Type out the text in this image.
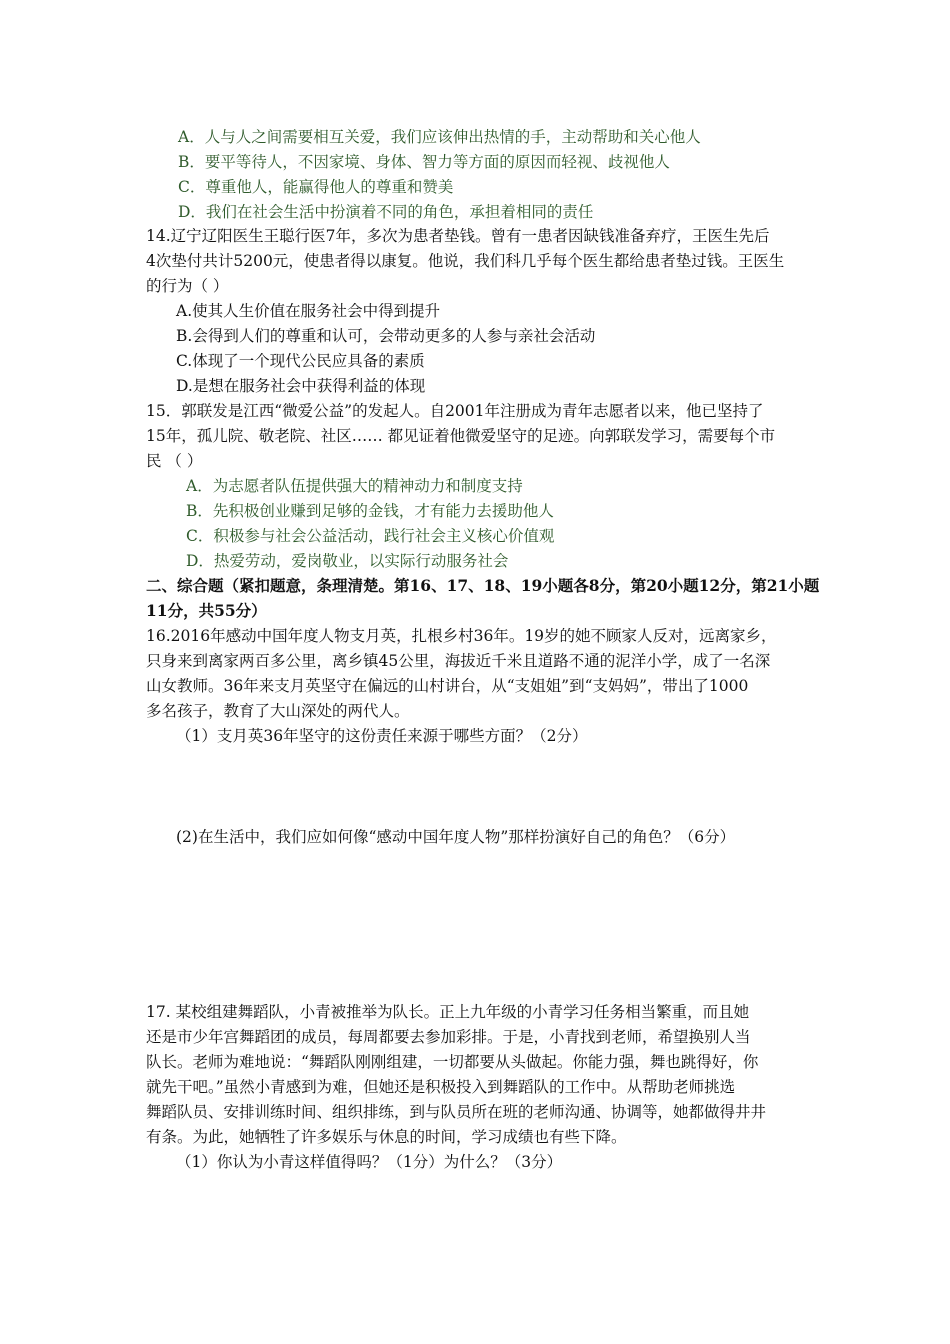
A．人与人之间需要相互关爱，我们应该伸出热情的手，主动帮助和关心他人
B．要平等待人，不因家境、身体、智力等方面的原因而轻视、歧视他人
C．尊重他人，能赢得他人的尊重和赞美
D．我们在社会生活中扮演着不同的角色，承担着相同的责任
14.辽宁辽阳医生王聪行医7年，多次为患者垫钱。曾有一患者因缺钱准备弃疗，王医生先后
4次垫付共计5200元，使患者得以康复。他说，我们科几乎每个医生都给患者垫过钱。王医生
的行为（ ）
A.使其人生价值在服务社会中得到提升
B.会得到人们的尊重和认可，会带动更多的人参与亲社会活动
C.体现了一个现代公民应具备的素质
D.是想在服务社会中获得利益的体现
15．郭联发是江西“微爱公益”的发起人。自2001年注册成为青年志愿者以来，他已坚持了
15年，孤儿院、敬老院、社区…… 都见证着他微爱坚守的足迹。向郭联发学习，需要每个市
民 （ ）
A．为志愿者队伍提供强大的精神动力和制度支持
B．先积极创业赚到足够的金钱，才有能力去援助他人
C．积极参与社会公益活动，践行社会主义核心价值观
D．热爱劳动，爱岗敬业，以实际行动服务社会
二、综合题（紧扣题意，条理清楚。第16、17、18、19小题各8分，第20小题12分，第21小题
11分，共55分）
16.2016年感动中国年度人物支月英，扎根乡村36年。19岁的她不顾家人反对，远离家乡，
只身来到离家两百多公里，离乡镇45公里，海拔近千米且道路不通的泥洋小学，成了一名深
山女教师。36年来支月英坚守在偏远的山村讲台，从“支姐姐”到“支妈妈”，带出了1000
多名孩子，教育了大山深处的两代人。
（1）支月英36年坚守的这份责任来源于哪些方面？（2分）
(2)在生活中，我们应如何像“感动中国年度人物”那样扮演好自己的角色？（6分）
17. 某校组建舞蹈队，小青被推举为队长。正上九年级的小青学习任务相当繁重，而且她
还是市少年宫舞蹈团的成员，每周都要去参加彩排。于是，小青找到老师，希望换别人当
队长。老师为难地说：“舞蹈队刚刚组建，一切都要从头做起。你能力强，舞也跳得好，你
就先干吧。”虽然小青感到为难，但她还是积极投入到舞蹈队的工作中。从帮助老师挑选
舞蹈队员、安排训练时间、组织排练，到与队员所在班的老师沟通、协调等，她都做得井井
有条。为此，她牺牲了许多娱乐与休息的时间，学习成绩也有些下降。
（1）你认为小青这样值得吗？（1分）为什么？（3分）
